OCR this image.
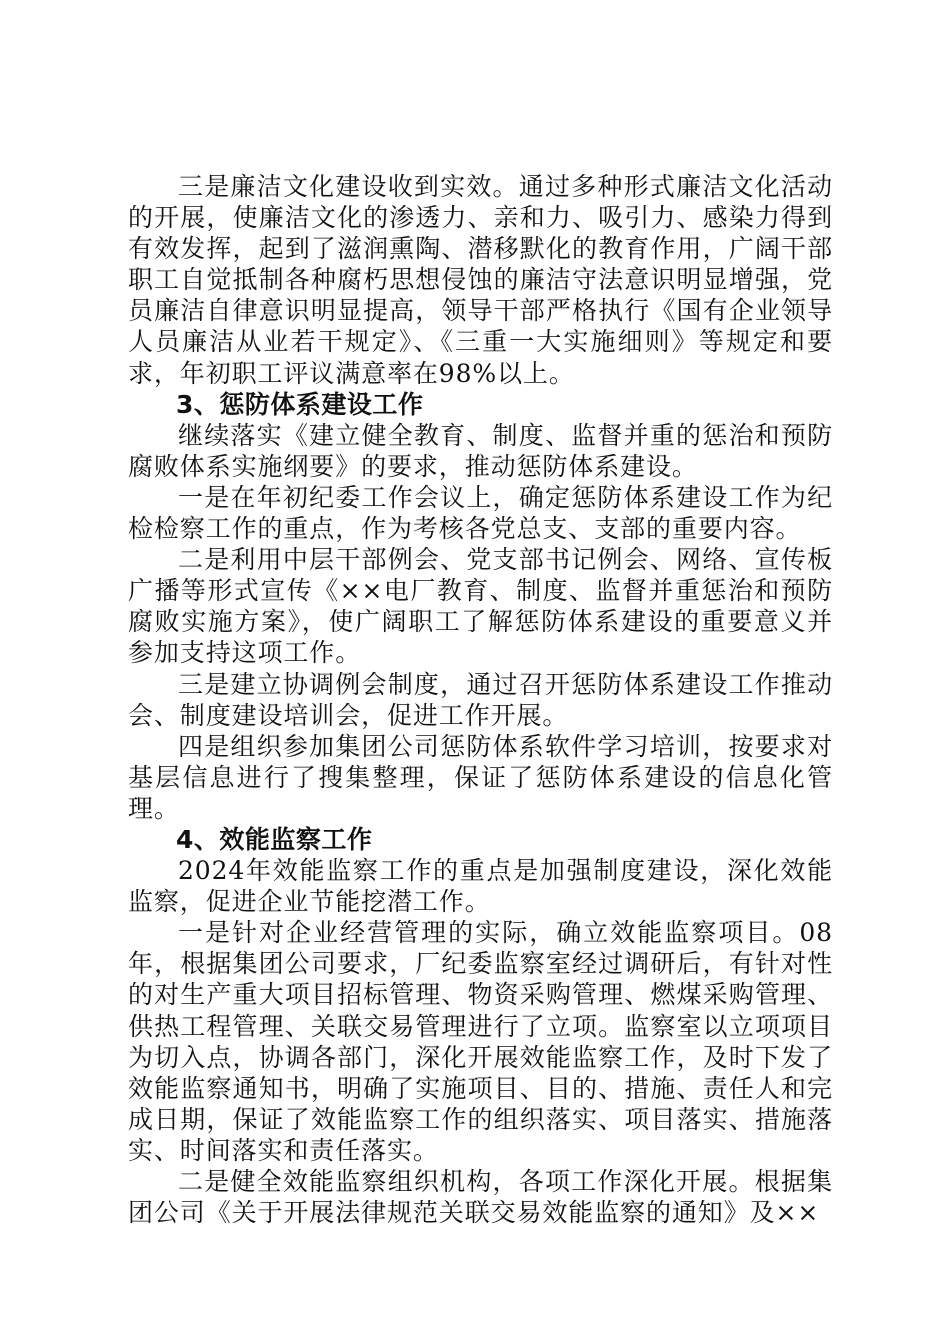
三是廉洁文化建设收到实效。通过多种形式廉洁文化活动的开展，使廉洁文化的渗透力、亲和力、吸引力、感染力得到有效发挥，起到了滋润熏陶、潜移默化的教育作用，广阔干部职工自觉抵制各种腐朽思想侵蚀的廉洁守法意识明显增强，党员廉洁自律意识明显提高，领导干部严格执行《国有企业领导人员廉洁从业若干规定》、《三重一大实施细则》等规定和要求，年初职工评议满意率在98%以上。

3、惩防体系建设工作

继续落实《建立健全教育、制度、监督并重的惩治和预防腐败体系实施纲要》的要求，推动惩防体系建设。

一是在年初纪委工作会议上，确定惩防体系建设工作为纪检检察工作的重点，作为考核各党总支、支部的重要内容。

二是利用中层干部例会、党支部书记例会、网络、宣传板广播等形式宣传《××电厂教育、制度、监督并重惩治和预防腐败实施方案》，使广阔职工了解惩防体系建设的重要意义并参加支持这项工作。

三是建立协调例会制度，通过召开惩防体系建设工作推动会、制度建设培训会，促进工作开展。

四是组织参加集团公司惩防体系软件学习培训，按要求对基层信息进行了搜集整理，保证了惩防体系建设的信息化管理。

4、效能监察工作

2024年效能监察工作的重点是加强制度建设，深化效能监察，促进企业节能挖潜工作。

一是针对企业经营管理的实际，确立效能监察项目。08年，根据集团公司要求，厂纪委监察室经过调研后，有针对性的对生产重大项目招标管理、物资采购管理、燃煤采购管理、供热工程管理、关联交易管理进行了立项。监察室以立项项目为切入点，协调各部门，深化开展效能监察工作，及时下发了效能监察通知书，明确了实施项目、目的、措施、责任人和完成日期，保证了效能监察工作的组织落实、项目落实、措施落实、时间落实和责任落实。

二是健全效能监察组织机构，各项工作深化开展。根据集团公司《关于开展法律规范关联交易效能监察的通知》及××
